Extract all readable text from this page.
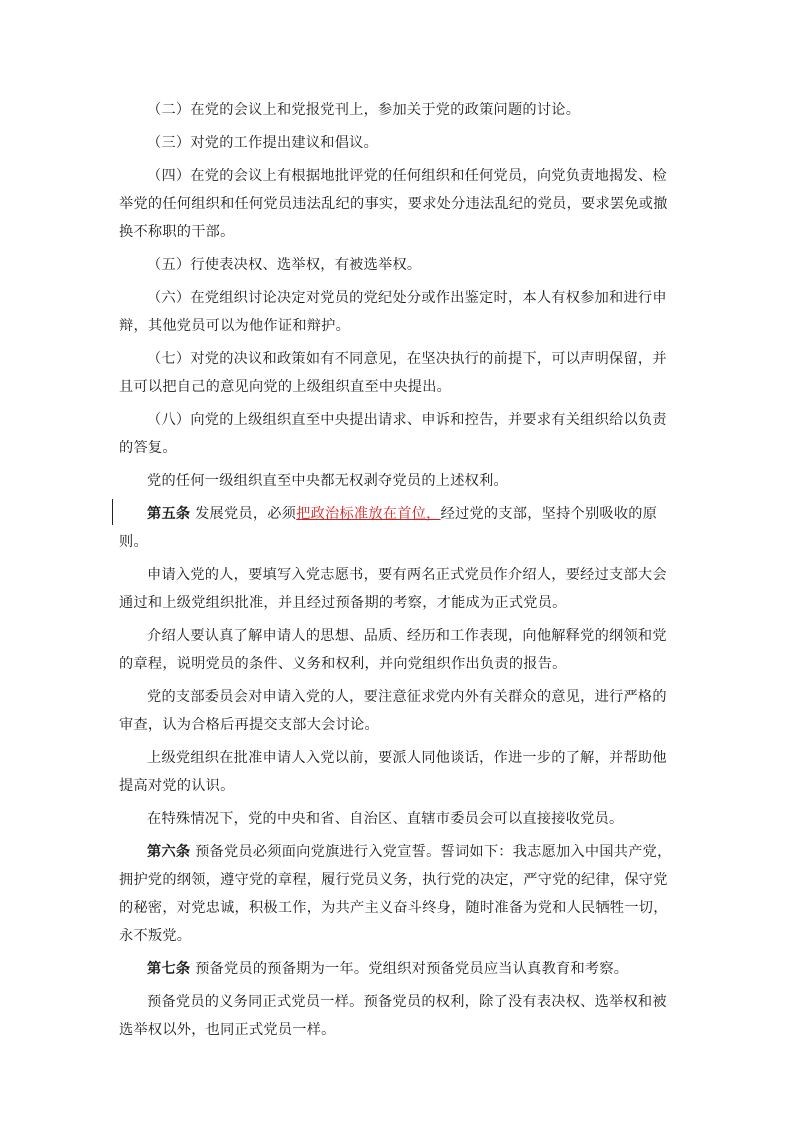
（二）在党的会议上和党报党刊上，参加关于党的政策问题的讨论。

（三）对党的工作提出建议和倡议。

（四）在党的会议上有根据地批评党的任何组织和任何党员，向党负责地揭发、检举党的任何组织和任何党员违法乱纪的事实，要求处分违法乱纪的党员，要求罢免或撤换不称职的干部。

（五）行使表决权、选举权，有被选举权。

（六）在党组织讨论决定对党员的党纪处分或作出鉴定时，本人有权参加和进行申辩，其他党员可以为他作证和辩护。

（七）对党的决议和政策如有不同意见，在坚决执行的前提下，可以声明保留，并且可以把自己的意见向党的上级组织直至中央提出。

（八）向党的上级组织直至中央提出请求、申诉和控告，并要求有关组织给以负责的答复。

党的任何一级组织直至中央都无权剥夺党员的上述权利。

第五条 发展党员，必须把政治标准放在首位，经过党的支部，坚持个别吸收的原则。

申请入党的人，要填写入党志愿书，要有两名正式党员作介绍人，要经过支部大会通过和上级党组织批准，并且经过预备期的考察，才能成为正式党员。

介绍人要认真了解申请人的思想、品质、经历和工作表现，向他解释党的纲领和党的章程，说明党员的条件、义务和权利，并向党组织作出负责的报告。

党的支部委员会对申请入党的人，要注意征求党内外有关群众的意见，进行严格的审查，认为合格后再提交支部大会讨论。

上级党组织在批准申请人入党以前，要派人同他谈话，作进一步的了解，并帮助他提高对党的认识。

在特殊情况下，党的中央和省、自治区、直辖市委员会可以直接接收党员。

第六条 预备党员必须面向党旗进行入党宣誓。誓词如下：我志愿加入中国共产党，拥护党的纲领，遵守党的章程，履行党员义务，执行党的决定，严守党的纪律，保守党的秘密，对党忠诚，积极工作，为共产主义奋斗终身，随时准备为党和人民牺牲一切，永不叛党。

第七条 预备党员的预备期为一年。党组织对预备党员应当认真教育和考察。

预备党员的义务同正式党员一样。预备党员的权利，除了没有表决权、选举权和被选举权以外，也同正式党员一样。
